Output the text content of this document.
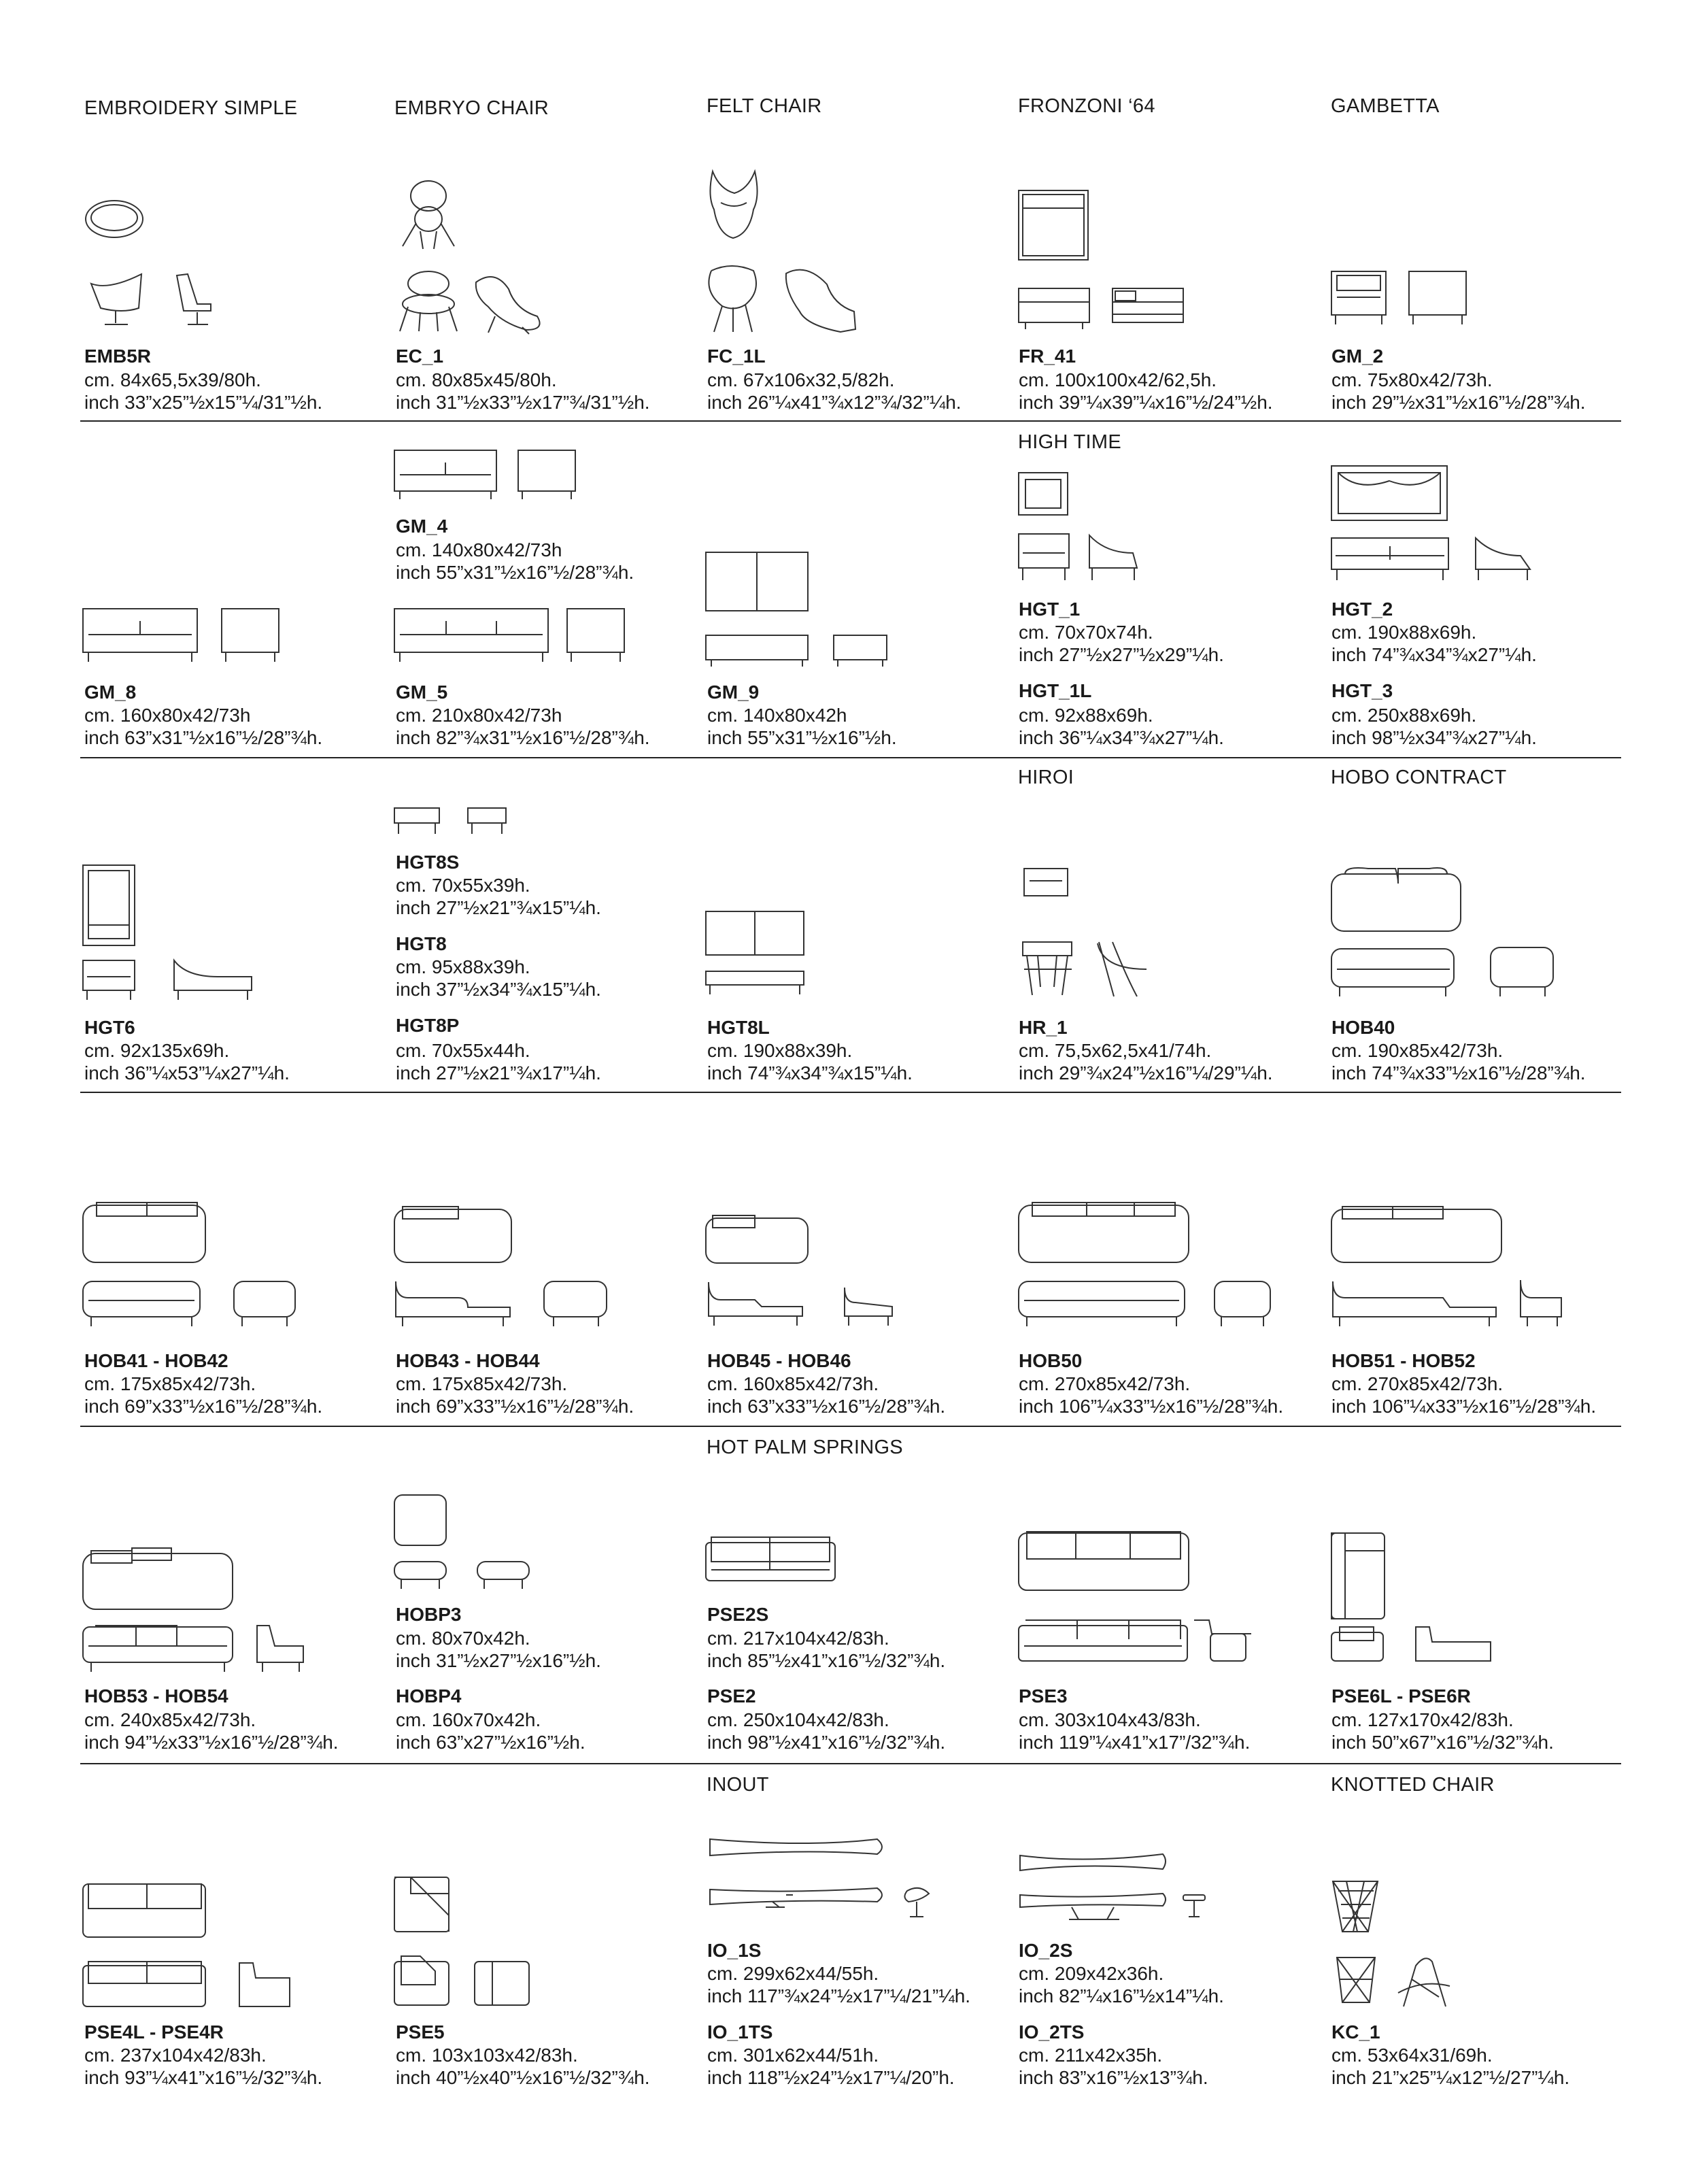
EMBROIDERY SIMPLE	EMBRYO CHAIR	FELT CHAIR	FRONZONI ‘64	GAMBETTA
HIGH TIME
HIROI	HOBO CONTRACT
HOT PALM SPRINGS
INOUT	KNOTTED CHAIR
EMB5R
cm. 84x65,5x39/80h.
inch 33”x25”½x15”¼/31”½h.
EC_1
cm. 80x85x45/80h.
inch 31”½x33”½x17”¾/31”½h.
FC_1L
cm. 67x106x32,5/82h.
inch 26”¼x41”¾x12”¾/32”¼h.
FR_41
cm. 100x100x42/62,5h.
inch 39”¼x39”¼x16”½/24”½h.
GM_2
cm. 75x80x42/73h.
inch 29”½x31”½x16”½/28”¾h.
GM_8
cm. 160x80x42/73h
inch 63”x31”½x16”½/28”¾h.
GM_4
cm. 140x80x42/73h
inch 55”x31”½x16”½/28”¾h.
GM_5
cm. 210x80x42/73h
inch 82”¾x31”½x16”½/28”¾h.
GM_9
cm. 140x80x42h
inch 55”x31”½x16”½h.
HGT_1
cm. 70x70x74h.
inch 27”½x27”½x29”¼h.
HGT_1L
cm. 92x88x69h.
inch 36”¼x34”¾x27”¼h.
HGT_2
cm. 190x88x69h.
inch 74”¾x34”¾x27”¼h.
HGT_3
cm. 250x88x69h.
inch 98”½x34”¾x27”¼h.
HGT6
cm. 92x135x69h.
inch 36”¼x53”¼x27”¼h.
HGT8S
cm. 70x55x39h.
inch 27”½x21”¾x15”¼h.
HGT8
cm. 95x88x39h.
inch 37”½x34”¾x15”¼h.
HGT8P
cm. 70x55x44h.
inch 27”½x21”¾x17”¼h.
HGT8L
cm. 190x88x39h.
inch 74”¾x34”¾x15”¼h.
HR_1
cm. 75,5x62,5x41/74h.
inch 29”¾x24”½x16”¼/29”¼h.
HOB40
cm. 190x85x42/73h.
inch 74”¾x33”½x16”½/28”¾h.
HOB41 - HOB42
cm. 175x85x42/73h.
inch 69”x33”½x16”½/28”¾h.
HOB43 - HOB44
cm. 175x85x42/73h.
inch 69”x33”½x16”½/28”¾h.
HOB45 - HOB46
cm. 160x85x42/73h.
inch 63”x33”½x16”½/28”¾h.
HOB50
cm. 270x85x42/73h.
inch 106”¼x33”½x16”½/28”¾h.
HOB51 - HOB52
cm. 270x85x42/73h.
inch 106”¼x33”½x16”½/28”¾h.
HOB53 - HOB54
cm. 240x85x42/73h.
inch 94”½x33”½x16”½/28”¾h.
HOBP3
cm. 80x70x42h.
inch 31”½x27”½x16”½h.
HOBP4
cm. 160x70x42h.
inch 63”x27”½x16”½h.
PSE2S
cm. 217x104x42/83h.
inch 85”½x41”x16”½/32”¾h.
PSE2
cm. 250x104x42/83h.
inch 98”½x41”x16”½/32”¾h.
PSE3
cm. 303x104x43/83h.
inch 119”¼x41”x17”/32”¾h.
PSE6L - PSE6R
cm. 127x170x42/83h.
inch 50”x67”x16”½/32”¾h.
PSE4L - PSE4R
cm. 237x104x42/83h.
inch 93”¼x41”x16”½/32”¾h.
PSE5
cm. 103x103x42/83h.
inch 40”½x40”½x16”½/32”¾h.
IO_1S
cm. 299x62x44/55h.
inch 117”¾x24”½x17”¼/21”¼h.
IO_1TS
cm. 301x62x44/51h.
inch 118”½x24”½x17”¼/20”h.
IO_2S
cm. 209x42x36h.
inch 82”¼x16”½x14”¼h.
IO_2TS
cm. 211x42x35h.
inch 83”x16”½x13”¾h.
KC_1
cm. 53x64x31/69h.
inch 21”x25”¼x12”½/27”¼h.
